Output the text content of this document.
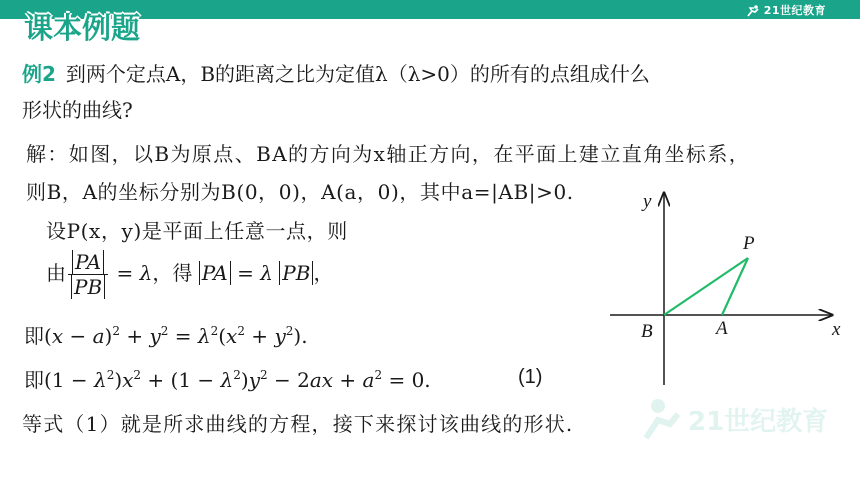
21世纪教育
课本例题
例2 到两个定点A，B的距离之比为定值λ（λ>0）的所有的点组成什么
形状的曲线?
解：如图，以B为原点、BA的方向为x轴正方向，在平面上建立直角坐标系，
则B，A的坐标分别为B(0，0)，A(a，0)，其中a=|AB|>0.
设P(x，y)是平面上任意一点，则
由 $\frac{PA}{PB} = \lambda$，得 PA = λ PB ，
即$(x - a)^2 + y^2 = \lambda^2(x^2 + y^2)$.
即$(1 - \lambda^2)x^2 + (1 - \lambda^2)y^2 - 2ax + a^2 = 0$.	(1)
等式（1）就是所求曲线的方程，接下来探讨该曲线的形状.	21世纪教育
x
y
B	A
P
